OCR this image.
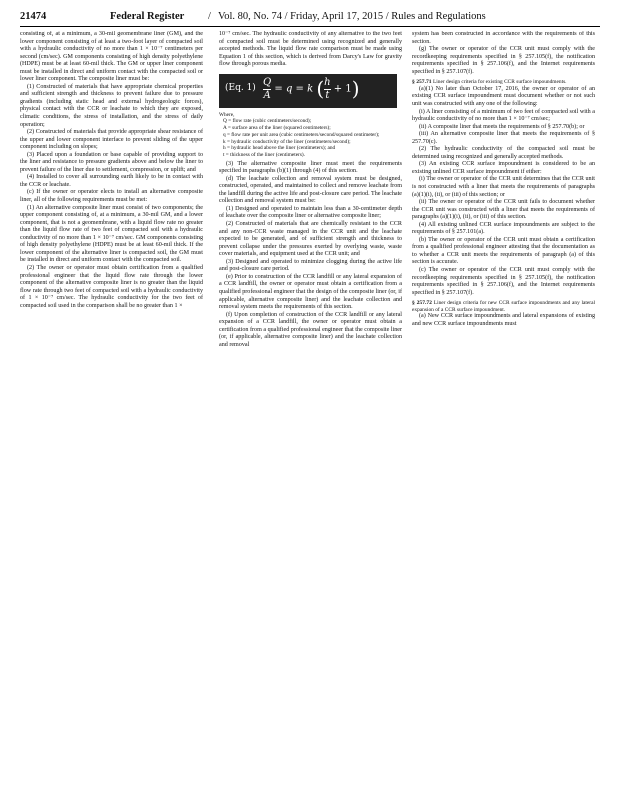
21474	Federal Register / Vol. 80, No. 74 / Friday, April 17, 2015 / Rules and Regulations

consisting of, at a minimum, a 30-mil geomembrane liner (GM), and the lower component consisting of at least a two-foot layer of compacted soil with a hydraulic conductivity of no more than 1 × 10⁻⁷ centimeters per second (cm/sec). GM components consisting of high density polyethylene (HDPE) must be at least 60-mil thick. The GM or upper liner component must be installed in direct and uniform contact with the compacted soil or lower liner component. The composite liner must be:

(1) Constructed of materials that have appropriate chemical properties and sufficient strength and thickness to prevent failure due to pressure gradients (including static head and external hydrogeologic forces), physical contact with the CCR or leachate to which they are exposed, climatic conditions, the stress of installation, and the stress of daily operation;

(2) Constructed of materials that provide appropriate shear resistance of the upper and lower component interface to prevent sliding of the upper component including on slopes;

(3) Placed upon a foundation or base capable of providing support to the liner and resistance to pressure gradients above and below the liner to prevent failure of the liner due to settlement, compression, or uplift; and

(4) Installed to cover all surrounding earth likely to be in contact with the CCR or leachate.

(c) If the owner or operator elects to install an alternative composite liner, all of the following requirements must be met:

(1) An alternative composite liner must consist of two components; the upper component consisting of, at a minimum, a 30-mil GM, and a lower component, that is not a geomembrane, with a liquid flow rate no greater than the liquid flow rate of two feet of compacted soil with a hydraulic conductivity of no more than 1 × 10⁻⁷ cm/sec. GM components consisting of high density polyethylene (HDPE) must be at least 60-mil thick. If the lower component of the alternative liner is compacted soil, the GM must be installed in direct and uniform contact with the compacted soil.

(2) The owner or operator must obtain certification from a qualified professional engineer that the liquid flow rate through the lower component of the alternative composite liner is no greater than the liquid flow rate through two feet of compacted soil with a hydraulic conductivity of 1 × 10⁻⁷ cm/sec. The hydraulic conductivity for the two feet of compacted soil used in the comparison shall be no greater than 1 ×

10⁻⁷ cm/sec. The hydraulic conductivity of any alternative to the two feet of compacted soil must be determined using recognized and generally accepted methods. The liquid flow rate comparison must be made using Equation 1 of this section, which is derived from Darcy's Law for gravity flow through porous media.

(Eq. $1) \frac{Q}{A} = q = k$ ( $\frac{h}{t} + 1$)

Where,

Q = flow rate (cubic centimeters/second);

A = surface area of the liner (squared centimeters);

q = flow rate per unit area (cubic centimeters/second/squared centimeter);

k = hydraulic conductivity of the liner (centimeters/second);

h = hydraulic head above the liner (centimeters); and

t = thickness of the liner (centimeters).

(3) The alternative composite liner must meet the requirements specified in paragraphs (b)(1) through (4) of this section.

(d) The leachate collection and removal system must be designed, constructed, operated, and maintained to collect and remove leachate from the landfill during the active life and post-closure care period. The leachate collection and removal system must be:

(1) Designed and operated to maintain less than a 30-centimeter depth of leachate over the composite liner or alternative composite liner;

(2) Constructed of materials that are chemically resistant to the CCR and any non-CCR waste managed in the CCR unit and the leachate expected to be generated, and of sufficient strength and thickness to prevent collapse under the pressures exerted by overlying waste, waste cover materials, and equipment used at the CCR unit; and

(3) Designed and operated to minimize clogging during the active life and post-closure care period.

(e) Prior to construction of the CCR landfill or any lateral expansion of a CCR landfill, the owner or operator must obtain a certification from a qualified professional engineer that the design of the composite liner (or, if applicable, alternative composite liner) and the leachate collection and removal system meets the requirements of this section.

(f) Upon completion of construction of the CCR landfill or any lateral expansion of a CCR landfill, the owner or operator must obtain a certification from a qualified professional engineer that the composite liner (or, if applicable, alternative composite liner) and the leachate collection and removal

system has been constructed in accordance with the requirements of this section.

(g) The owner or operator of the CCR unit must comply with the recordkeeping requirements specified in § 257.105(f), the notification requirements specified in § 257.106(f), and the Internet requirements specified in § 257.107(f).

§ 257.71 Liner design criteria for existing CCR surface impoundments.

(a)(1) No later than October 17, 2016, the owner or operator of an existing CCR surface impoundment must document whether or not such unit was constructed with any one of the following:

(i) A liner consisting of a minimum of two feet of compacted soil with a hydraulic conductivity of no more than 1 × 10⁻⁷ cm/sec;

(ii) A composite liner that meets the requirements of § 257.70(b); or

(iii) An alternative composite liner that meets the requirements of § 257.70(c).

(2) The hydraulic conductivity of the compacted soil must be determined using recognized and generally accepted methods.

(3) An existing CCR surface impoundment is considered to be an existing unlined CCR surface impoundment if either:

(i) The owner or operator of the CCR unit determines that the CCR unit is not constructed with a liner that meets the requirements of paragraphs (a)(1)(i), (ii), or (iii) of this section; or

(ii) The owner or operator of the CCR unit fails to document whether the CCR unit was constructed with a liner that meets the requirements of paragraphs (a)(1)(i), (ii), or (iii) of this section.

(4) All existing unlined CCR surface impoundments are subject to the requirements of § 257.101(a).

(b) The owner or operator of the CCR unit must obtain a certification from a qualified professional engineer attesting that the documentation as to whether a CCR unit meets the requirements of paragraph (a) of this section is accurate.

(c) The owner or operator of the CCR unit must comply with the recordkeeping requirements specified in § 257.105(f), the notification requirements specified in § 257.106(f), and the Internet requirements specified in § 257.107(f).

§ 257.72 Liner design criteria for new CCR surface impoundments and any lateral expansion of a CCR surface impoundment.

(a) New CCR surface impoundments and lateral expansions of existing and new CCR surface impoundments must
